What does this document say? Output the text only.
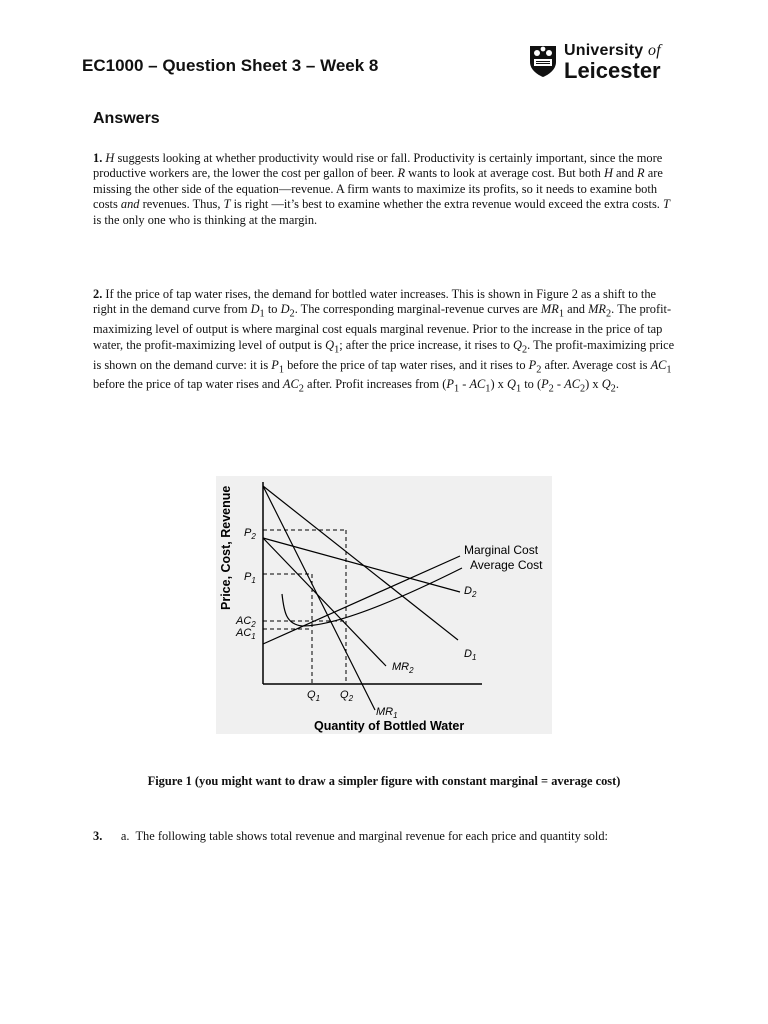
EC1000 – Question Sheet 3 – Week 8
University of
Leicester
Answers
1. H suggests looking at whether productivity would rise or fall. Productivity is certainly important, since the more productive workers are, the lower the cost per gallon of beer. R wants to look at average cost. But both H and R are missing the other side of the equation—revenue. A firm wants to maximize its profits, so it needs to examine both costs and revenues. Thus, T is right —it’s best to examine whether the extra revenue would exceed the extra costs. T is the only one who is thinking at the margin.
2. If the price of tap water rises, the demand for bottled water increases. This is shown in Figure 2 as a shift to the right in the demand curve from $D_1$ to $D_2$. The corresponding marginal-revenue curves are $MR_1$ and $MR_2$. The profit-maximizing level of output is where marginal cost equals marginal revenue. Prior to the increase in the price of tap water, the profit-maximizing level of output is $Q_1$; after the price increase, it rises to $Q_2$. The profit-maximizing price is shown on the demand curve: it is $P_1$ before the price of tap water rises, and it rises to $P_2$ after. Average cost is $AC_1$ before the price of tap water rises and $AC_2$ after. Profit increases from $(P_1 - AC_1)$ x $Q_1$ to $(P_2 - AC_2)$ x $Q_2$.
Price, Cost, Revenue
Quantity of Bottled Water
$P_2$
$P_1$
$AC_2$
$AC_1$
$Q_1$ $Q_2$
Marginal Cost
Average Cost
$D_2$
$D_1$
$MR_2$
$MR_1$
Figure 1 (you might want to draw a simpler figure with constant marginal = average cost)
3.      a.  The following table shows total revenue and marginal revenue for each price and quantity sold:
